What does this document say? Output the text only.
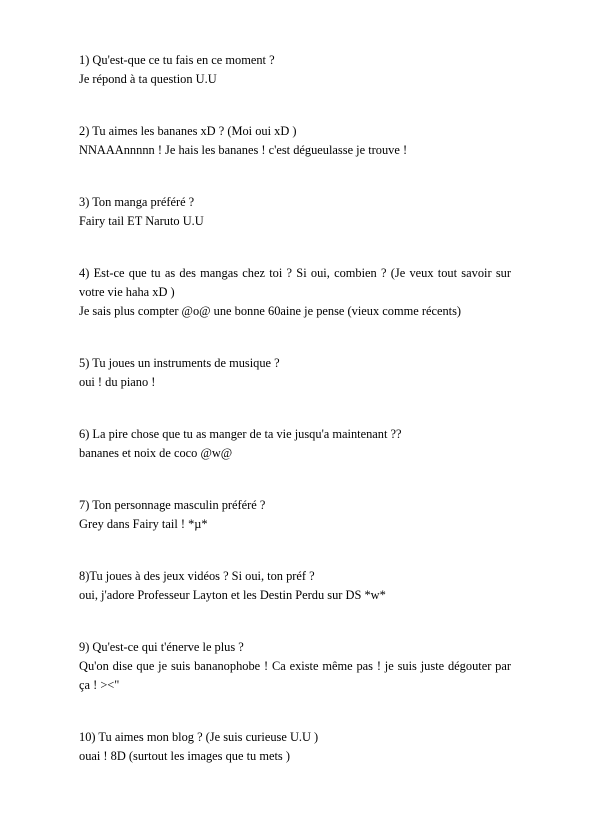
1) Qu'est-que ce tu fais en ce moment ?
Je répond à ta question U.U
2) Tu aimes les bananes xD ? (Moi oui xD )
NNAAAnnnnn ! Je hais les bananes ! c'est dégueulasse je trouve !
3) Ton manga préféré ?
Fairy tail ET Naruto U.U
4) Est-ce que tu as des mangas chez toi ? Si oui, combien ? (Je veux tout savoir sur votre vie haha xD )
Je sais plus compter @o@ une bonne 60aine je pense (vieux comme récents)
5) Tu joues un instruments de musique ?
oui ! du piano !
6) La pire chose que tu as manger de ta vie jusqu'a maintenant ??
bananes et noix de coco @w@
7) Ton personnage masculin préféré ?
Grey dans Fairy tail ! *µ*
8)Tu joues à des jeux vidéos ? Si oui, ton préf ?
oui, j'adore Professeur Layton et les Destin Perdu sur DS *w*
9) Qu'est-ce qui t'énerve le plus ?
Qu'on dise que je suis bananophobe ! Ca existe même pas ! je suis juste dégouter par ça ! ><"
10) Tu aimes mon blog ? (Je suis curieuse U.U )
ouai ! 8D (surtout les images que tu mets )
